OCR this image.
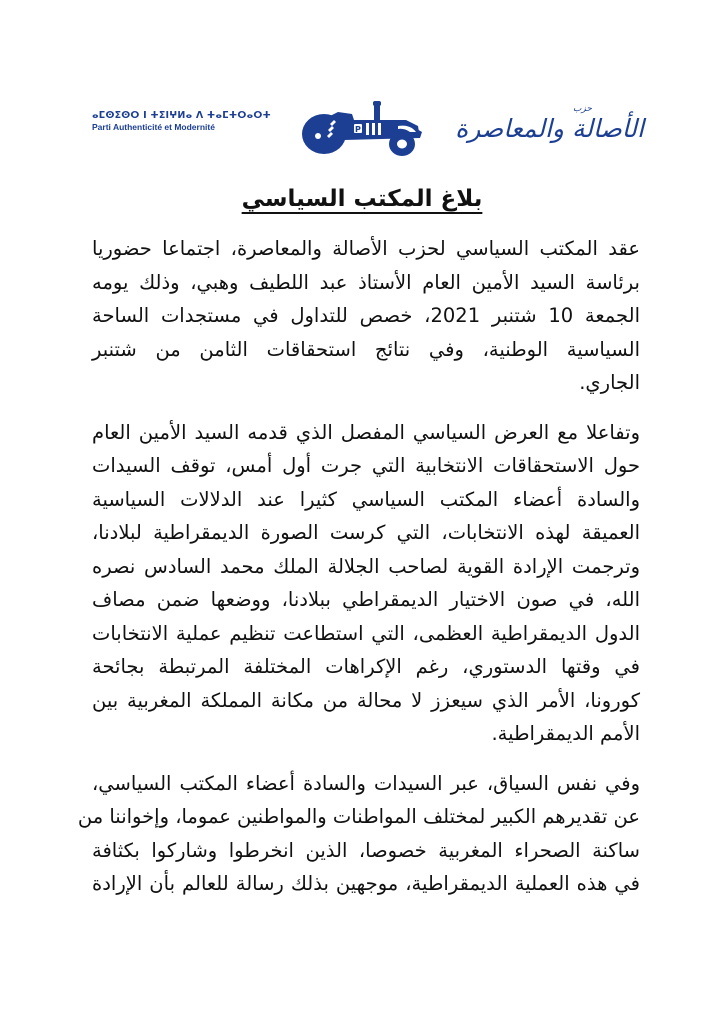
ⴰⵎⵙⵉⵙⵔ ⵏ ⵜⵉⵏⵖⵍⴰ ⴷ ⵜⴰⵎⵜⵔⴰⵔⵜ
Parti Authenticité et Modernité	P
حزب
الأصالة والمعاصرة
بلاغ المكتب السياسي
عقد المكتب السياسي لحزب الأصالة والمعاصرة، اجتماعا حضوريا
برئاسة السيد الأمين العام الأستاذ عبد اللطيف وهبي، وذلك يومه
الجمعة 10 شتنبر 2021، خصص للتداول في مستجدات الساحة
السياسية الوطنية، وفي نتائج استحقاقات الثامن من شتنبر
الجاري.
وتفاعلا مع العرض السياسي المفصل الذي قدمه السيد الأمين العام
حول الاستحقاقات الانتخابية التي جرت أول أمس، توقف السيدات
والسادة أعضاء المكتب السياسي كثيرا عند الدلالات السياسية
العميقة لهذه الانتخابات، التي كرست الصورة الديمقراطية لبلادنا،
وترجمت الإرادة القوية لصاحب الجلالة الملك محمد السادس نصره
الله، في صون الاختيار الديمقراطي ببلادنا، ووضعها ضمن مصاف
الدول الديمقراطية العظمى، التي استطاعت تنظيم عملية الانتخابات
في وقتها الدستوري، رغم الإكراهات المختلفة المرتبطة بجائحة
كورونا، الأمر الذي سيعزز لا محالة من مكانة المملكة المغربية بين
الأمم الديمقراطية.
وفي نفس السياق، عبر السيدات والسادة أعضاء المكتب السياسي،
عن تقديرهم الكبير لمختلف المواطنات والمواطنين عموما، وإخواننا من
ساكنة الصحراء المغربية خصوصا، الذين انخرطوا وشاركوا بكثافة
في هذه العملية الديمقراطية، موجهين بذلك رسالة للعالم بأن الإرادة
